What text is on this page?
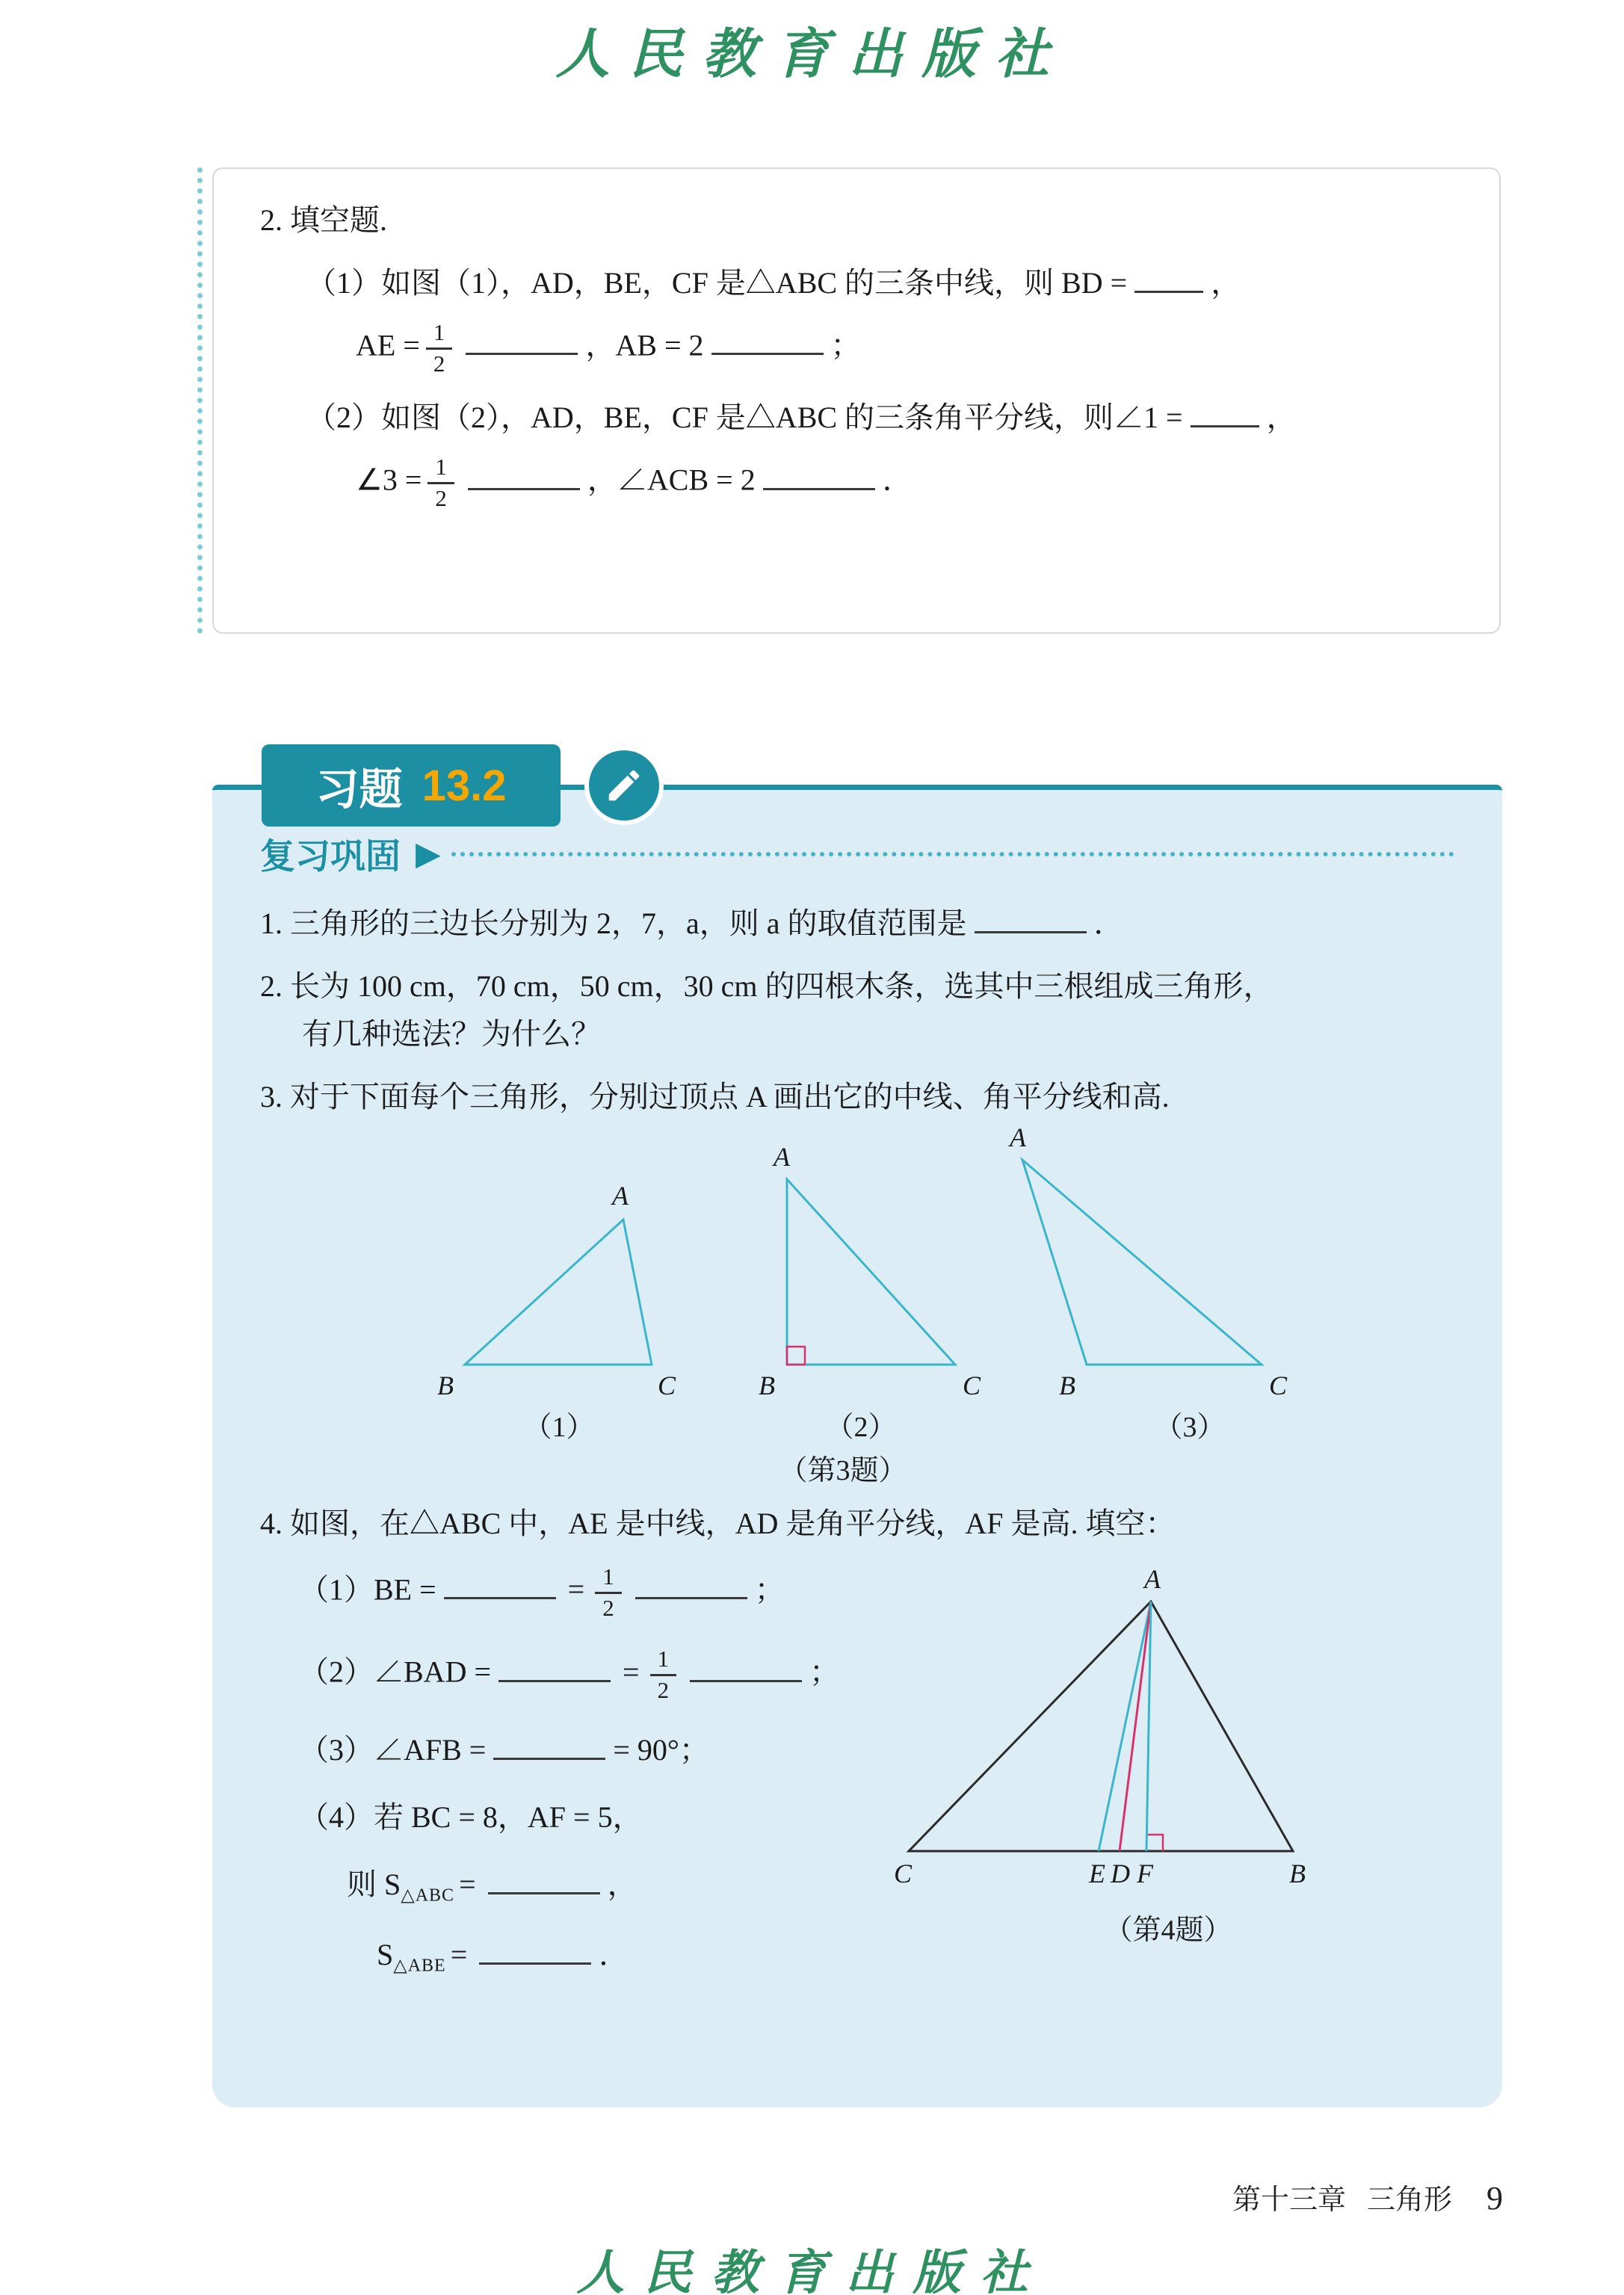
人民教育出版社

2. 填空题.

（1）如图（1），AD，BE，CF 是△ABC 的三条中线，则 BD =	，

AE = $\frac{1}{2}$	，AB = 2	；

（2）如图（2），AD，BE，CF 是△ABC 的三条角平分线，则∠1 =	，

∠3 = $\frac{1}{2}$	，∠ACB = 2	．

习题 13.2
复习巩固 ▶

1. 三角形的三边长分别为 2，7，a，则 a 的取值范围是	．

2. 长为 100 cm，70 cm，50 cm，30 cm 的四根木条，选其中三根组成三角形，

有几种选法？为什么？

3. 对于下面每个三角形，分别过顶点 A 画出它的中线、角平分线和高.

A
B	C
A
B	C
A
B	C
（1）	（2）	（3）
（第3题）

4. 如图，在△ABC 中，AE 是中线，AD 是角平分线，AF 是高. 填空：

（1）BE =	= $\frac{1}{2}$	；

（2）∠BAD =	= $\frac{1}{2}$	；

（3）∠AFB =	= 90°；

（4）若 BC = 8，AF = 5，

则 $S_{\triangle ABC}$ =	，

$S_{\triangle ABE}$ =	．

A
C	E D F	B
（第4题）
第十三章 三角形 9
人民教育出版社
